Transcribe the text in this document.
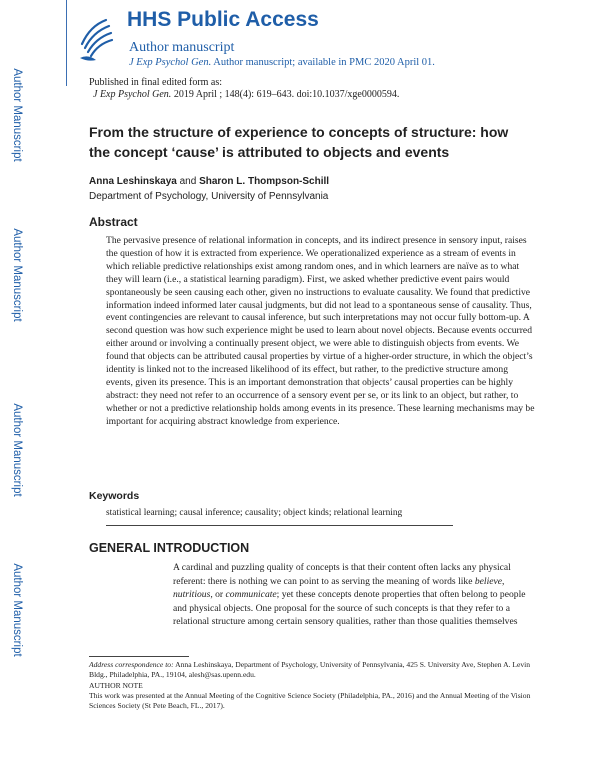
Author Manuscript
Author Manuscript
Author Manuscript
Author Manuscript
HHS Public Access
Author manuscript
J Exp Psychol Gen. Author manuscript; available in PMC 2020 April 01.
Published in final edited form as:
J Exp Psychol Gen. 2019 April ; 148(4): 619–643. doi:10.1037/xge0000594.
From the structure of experience to concepts of structure: how the concept ‘cause’ is attributed to objects and events
Anna Leshinskaya and Sharon L. Thompson-Schill
Department of Psychology, University of Pennsylvania
Abstract

The pervasive presence of relational information in concepts, and its indirect presence in sensory input, raises the question of how it is extracted from experience. We operationalized experience as a stream of events in which reliable predictive relationships exist among random ones, and in which learners are naïve as to what they will learn (i.e., a statistical learning paradigm). First, we asked whether predictive event pairs would spontaneously be seen causing each other, given no instructions to evaluate causality. We found that predictive information indeed informed later causal judgments, but did not lead to a spontaneous sense of causality. Thus, event contingencies are relevant to causal inference, but such interpretations may not occur fully bottom-up. A second question was how such experience might be used to learn about novel objects. Because events occurred either around or involving a continually present object, we were able to distinguish objects from events. We found that objects can be attributed causal properties by virtue of a higher-order structure, in which the object’s identity is linked not to the increased likelihood of its effect, but rather, to the predictive structure among events, given its presence. This is an important demonstration that objects’ causal properties can be highly abstract: they need not refer to an occurrence of a sensory event per se, or its link to an object, but rather, to whether or not a predictive relationship holds among events in its presence. These learning mechanisms may be important for acquiring abstract knowledge from experience.

Keywords
statistical learning; causal inference; causality; object kinds; relational learning
GENERAL INTRODUCTION

A cardinal and puzzling quality of concepts is that their content often lacks any physical referent: there is nothing we can point to as serving the meaning of words like believe, nutritious, or communicate; yet these concepts denote properties that often belong to people and physical objects. One proposal for the source of such concepts is that they refer to a relational structure among certain sensory qualities, rather than those qualities themselves

Address correspondence to: Anna Leshinskaya, Department of Psychology, University of Pennsylvania, 425 S. University Ave, Stephen A. Levin Bldg., Philadelphia, PA., 19104, alesh@sas.upenn.edu.

AUTHOR NOTE

This work was presented at the Annual Meeting of the Cognitive Science Society (Philadelphia, PA., 2016) and the Annual Meeting of the Vision Sciences Society (St Pete Beach, FL., 2017).
